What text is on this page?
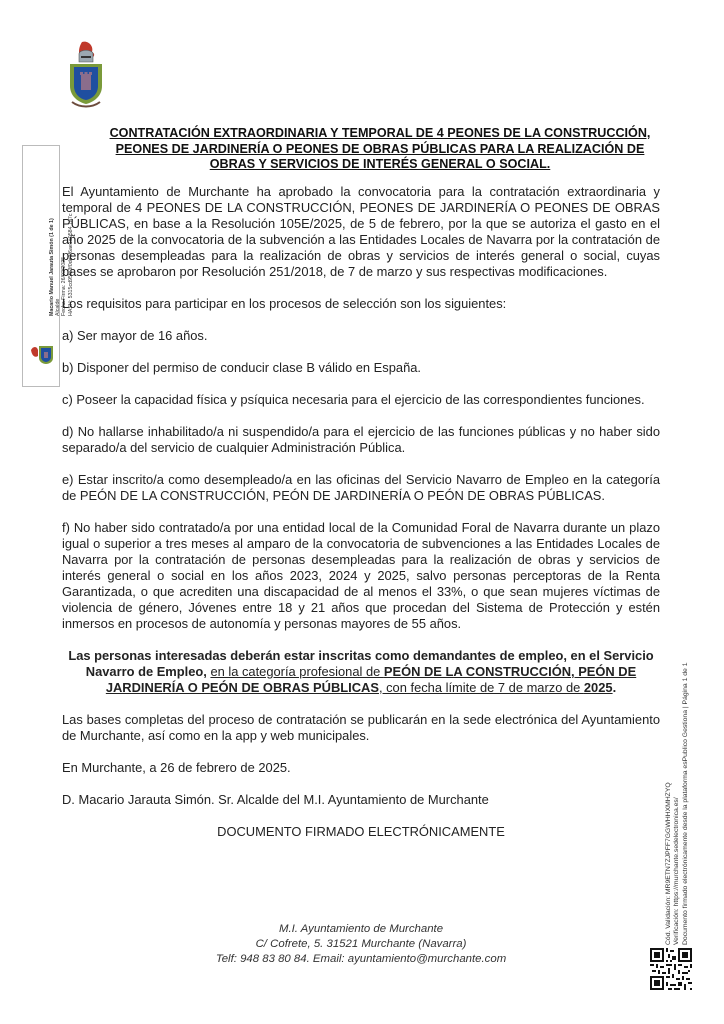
Macario Manuel Jarauta Simón (1 de 1) Alcalde Fecha Firma: 26/02/2025 HASH: 5315cd95fa3f0de1f6ae1e0584 1a7c
CONTRATACIÓN EXTRAORDINARIA Y TEMPORAL DE 4 PEONES DE LA CONSTRUCCIÓN, PEONES DE JARDINERÍA O PEONES DE OBRAS PÚBLICAS PARA LA REALIZACIÓN DE OBRAS Y SERVICIOS DE INTERÉS GENERAL O SOCIAL.

El Ayuntamiento de Murchante ha aprobado la convocatoria para la contratación extraordinaria y temporal de 4 PEONES DE LA CONSTRUCCIÓN, PEONES DE JARDINERÍA O PEONES DE OBRAS PÚBLICAS, en base a la Resolución 105E/2025, de 5 de febrero, por la que se autoriza el gasto en el año 2025 de la convocatoria de la subvención a las Entidades Locales de Navarra por la contratación de personas desempleadas para la realización de obras y servicios de interés general o social, cuyas bases se aprobaron por Resolución 251/2018, de 7 de marzo y sus respectivas modificaciones.

Los requisitos para participar en los procesos de selección son los siguientes:

a) Ser mayor de 16 años.

b) Disponer del permiso de conducir clase B válido en España.

c) Poseer la capacidad física y psíquica necesaria para el ejercicio de las correspondientes funciones.

d) No hallarse inhabilitado/a ni suspendido/a para el ejercicio de las funciones públicas y no haber sido separado/a del servicio de cualquier Administración Pública.

e) Estar inscrito/a como desempleado/a en las oficinas del Servicio Navarro de Empleo en la categoría de PEÓN DE LA CONSTRUCCIÓN, PEÓN DE JARDINERÍA O PEÓN DE OBRAS PÚBLICAS.

f) No haber sido contratado/a por una entidad local de la Comunidad Foral de Navarra durante un plazo igual o superior a tres meses al amparo de la convocatoria de subvenciones a las Entidades Locales de Navarra por la contratación de personas desempleadas para la realización de obras y servicios de interés general o social en los años 2023, 2024 y 2025, salvo personas perceptoras de la Renta Garantizada, o que acrediten una discapacidad de al menos el 33%, o que sean mujeres víctimas de violencia de género, Jóvenes entre 18 y 21 años que procedan del Sistema de Protección y estén inmersos en procesos de autonomía y personas mayores de 55 años.

Las personas interesadas deberán estar inscritas como demandantes de empleo, en el Servicio Navarro de Empleo, en la categoría profesional de PEÓN DE LA CONSTRUCCIÓN, PEÓN DE JARDINERÍA O PEÓN DE OBRAS PÚBLICAS, con fecha límite de 7 de marzo de 2025.

Las bases completas del proceso de contratación se publicarán en la sede electrónica del Ayuntamiento de Murchante, así como en la app y web municipales.

En Murchante, a 26 de febrero de 2025.

D. Macario Jarauta Simón. Sr. Alcalde del M.I. Ayuntamiento de Murchante

DOCUMENTO FIRMADO ELECTRÓNICAMENTE

M.I. Ayuntamiento de Murchante
C/ Cofrete, 5. 31521 Murchante (Navarra)
Telf: 948 83 80 84. Email: ayuntamiento@murchante.com
Cód. Validación: MR9ETN7ZJPFF7GGWHHXMHZYQ Verificación: https://murchante.sedelectronica.es/ Documento firmado electrónicamente desde la plataforma esPublico Gestiona | Página 1 de 1
